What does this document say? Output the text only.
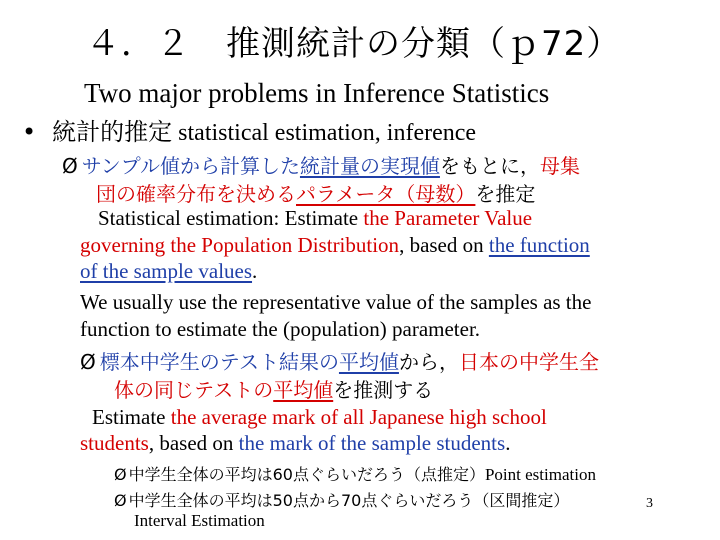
４．２　推測統計の分類（ｐ72）
Two major problems in Inference Statistics
• 統計的推定 statistical estimation, inference
Ø サンプル値から計算した統計量の実現値をもとに，母集
団の確率分布を決めるパラメータ（母数）を推定
Statistical estimation: Estimate the Parameter Value
governing the Population Distribution, based on the function
of the sample values.
We usually use the representative value of the samples as the
function to estimate the (population) parameter.
Ø 標本中学生のテスト結果の平均値から，日本の中学生全
体の同じテストの平均値を推測する
Estimate the average mark of all Japanese high school
students, based on the mark of the sample students.
Ø 中学生全体の平均は60点ぐらいだろう（点推定）Point estimation
Ø 中学生全体の平均は50点から70点ぐらいだろう（区間推定）
Interval Estimation
3
